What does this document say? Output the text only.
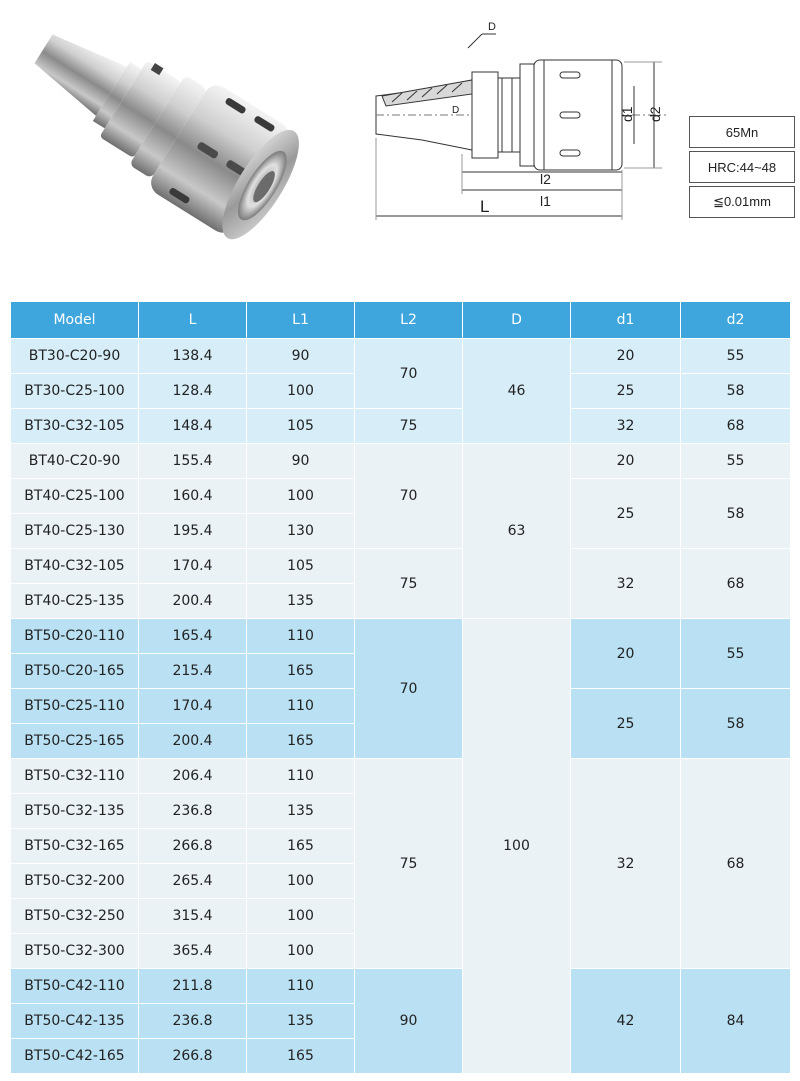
D
D	d1 d2
l2
l1
L
65Mn
HRC:44~48
≦0.01mm
Model	L	L1	L2	D	d1	d2
BT30-C20-90	138.4	90	70	46	20	55
BT30-C25-100	128.4	100			25	58
BT30-C32-105	148.4	105	75		32	68
BT40-C20-90	155.4	90	70	63	20	55
BT40-C25-100	160.4	100			25	58
BT40-C25-130	195.4	130				
BT40-C32-105	170.4	105	75		32	68
BT40-C25-135	200.4	135				
BT50-C20-110	165.4	110	70	100	20	55
BT50-C20-165	215.4	165				
BT50-C25-110	170.4	110			25	58
BT50-C25-165	200.4	165				
BT50-C32-110	206.4	110	75		32	68
BT50-C32-135	236.8	135				
BT50-C32-165	266.8	165				
BT50-C32-200	265.4	100				
BT50-C32-250	315.4	100				
BT50-C32-300	365.4	100				
BT50-C42-110	211.8	110	90		42	84
BT50-C42-135	236.8	135				
BT50-C42-165	266.8	165				
